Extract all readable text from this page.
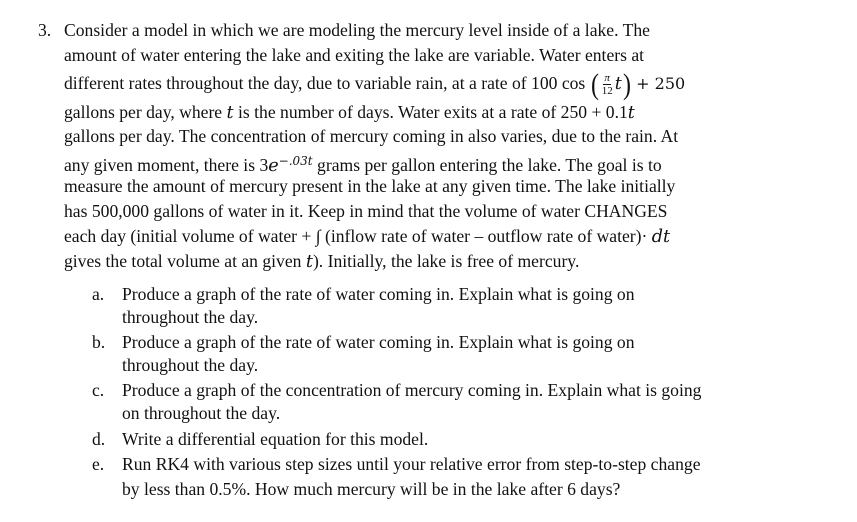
3. Consider a model in which we are modeling the mercury level inside of a lake. The
amount of water entering the lake and exiting the lake are variable. Water enters at
different rates throughout the day, due to variable rain, at a rate of 100 cos ( $\frac{\pi}{12} t) + 250$
gallons per day, where t is the number of days. Water exits at a rate of 250 + 0.1t
gallons per day. The concentration of mercury coming in also varies, due to the rain. At
any given moment, there is $3e^{-.03t}$ grams per gallon entering the lake. The goal is to
measure the amount of mercury present in the lake at any given time. The lake initially
has 500,000 gallons of water in it. Keep in mind that the volume of water CHANGES
each day (initial volume of water + ∫ (inflow rate of water – outflow rate of water)· dt
gives the total volume at an given t). Initially, the lake is free of mercury.
a. Produce a graph of the rate of water coming in. Explain what is going on
throughout the day.
b. Produce a graph of the rate of water coming in. Explain what is going on
throughout the day.
c. Produce a graph of the concentration of mercury coming in. Explain what is going
on throughout the day.
d. Write a differential equation for this model.
e. Run RK4 with various step sizes until your relative error from step-to-step change
by less than 0.5%. How much mercury will be in the lake after 6 days?
